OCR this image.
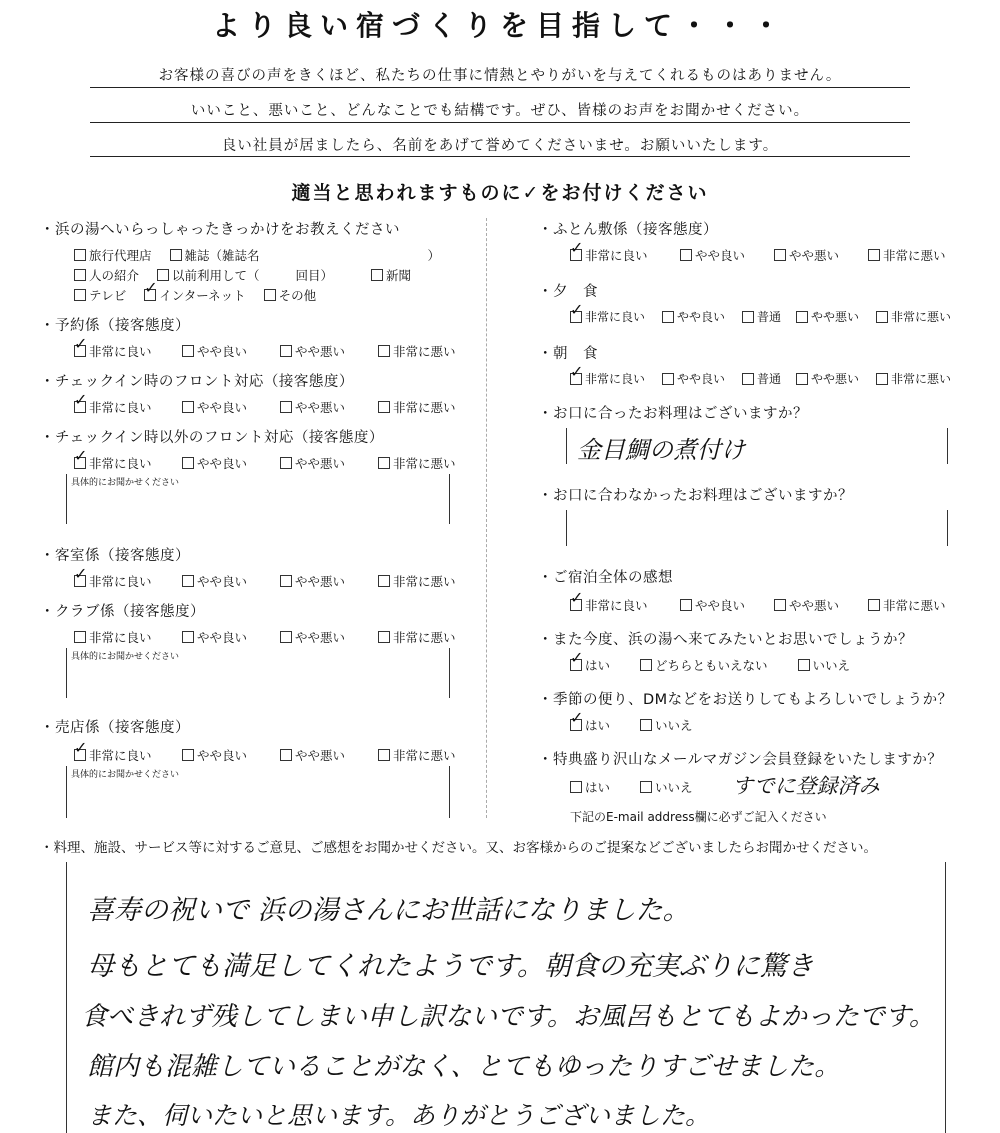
より良い宿づくりを目指して・・・
お客様の喜びの声をきくほど、私たちの仕事に情熱とやりがいを与えてくれるものはありません。
いいこと、悪いこと、どんなことでも結構です。ぜひ、皆様のお声をお聞かせください。
良い社員が居ましたら、名前をあげて誉めてくださいませ。お願いいたします。
適当と思われますものに✓をお付けください
・浜の湯へいらっしゃったきっかけをお教えください
旅行代理店	雑誌（雑誌名	）
人の紹介	以前利用して（	回目）	新聞
テレビ ✓ インターネット	その他
・予約係（接客態度）
✓ 非常に良い	やや良い	やや悪い	非常に悪い
・チェックイン時のフロント対応（接客態度）
✓ 非常に良い	やや良い	やや悪い	非常に悪い
・チェックイン時以外のフロント対応（接客態度）
✓ 非常に良い	やや良い	やや悪い	非常に悪い
具体的にお聞かせください
・客室係（接客態度）
✓ 非常に良い	やや良い	やや悪い	非常に悪い
・クラブ係（接客態度）
非常に良い	やや良い	やや悪い	非常に悪い
具体的にお聞かせください
・売店係（接客態度）
✓ 非常に良い	やや良い	やや悪い	非常に悪い
具体的にお聞かせください
・ふとん敷係（接客態度）
✓ 非常に良い	やや良い	やや悪い	非常に悪い
・夕　食
✓ 非常に良い	やや良い	普通 やや悪い	非常に悪い
・朝　食
✓ 非常に良い	やや良い	普通 やや悪い	非常に悪い
・お口に合ったお料理はございますか？
金目鯛の煮付け
・お口に合わなかったお料理はございますか？
・ご宿泊全体の感想
✓ 非常に良い	やや良い	やや悪い	非常に悪い
・また今度、浜の湯へ来てみたいとお思いでしょうか？
✓ はい	どちらともいえない	いいえ
・季節の便り、DMなどをお送りしてもよろしいでしょうか？
✓ はい	いいえ
・特典盛り沢山なメールマガジン会員登録をいたしますか？
はい	いいえ すでに登録済み
下記のE-mail address欄に必ずご記入ください
・料理、施設、サービス等に対するご意見、ご感想をお聞かせください。又、お客様からのご提案などございましたらお聞かせください。
喜寿の祝いで 浜の湯さんにお世話になりました。
母もとても満足してくれたようです。朝食の充実ぶりに驚き
食べきれず残してしまい申し訳ないです。お風呂もとてもよかったです。
館内も混雑していることがなく、とてもゆったりすごせました。
また、伺いたいと思います。ありがとうございました。
